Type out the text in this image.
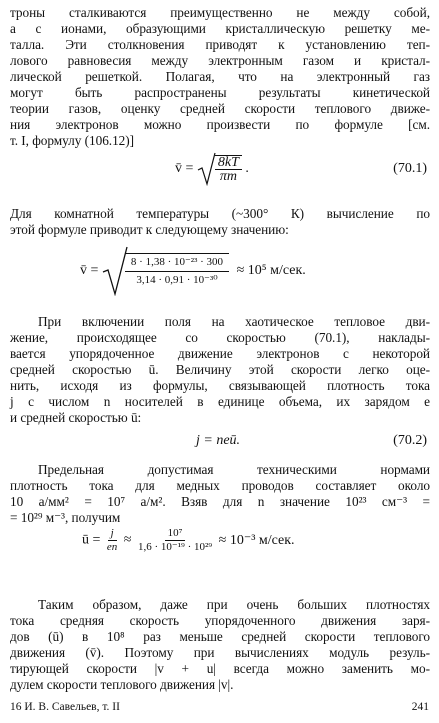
троны сталкиваются преимущественно не между собой,
а с ионами, образующими кристаллическую решетку ме-
талла. Эти столкновения приводят к установлению теп-
лового равновесия между электронным газом и кристал-
лической решеткой. Полагая, что на электронный газ
могут быть распространены результаты кинетической
теории газов, оценку средней скорости теплового движе-
ния электронов можно произвести по формуле [см.
т. I, формулу (106.12)]
v̄ = $\frac{8kT}{\pi m}$ .	(70.1)
Для комнатной температуры (~300° К) вычисление по
этой формуле приводит к следующему значению:
v̄ = $\frac{\text{8 · 1,38 · 10⁻²³ · 300}}{\text{3,14 · 0,91 · 10⁻³⁰}} \approx 10^5$ м/сек.
При включении поля на хаотическое тепловое дви-
жение, происходящее со скоростью (70.1), наклады-
вается упорядоченное движение электронов с некоторой
средней скоростью ū. Величину этой скорости легко оце-
нить, исходя из формулы, связывающей плотность тока
j с числом n носителей в единице объема, их зарядом e
и средней скоростью ū:
j = neū.	(70.2)
Предельная допустимая техническими нормами
плотность тока для медных проводов составляет около
10 а/мм² = 10⁷ а/м². Взяв для n значение 10²³ см⁻³ =
= 10²⁹ м⁻³, получим
ū = $\frac{j}{en} \approx \frac{\text{10⁷}}{\text{1,6 · 10⁻¹⁹ · 10²⁹}} \approx 10^{-3}$ м/сек.
Таким образом, даже при очень больших плотностях
тока средняя скорость упорядоченного движения заря-
дов (ū) в 10⁸ раз меньше средней скорости теплового
движения (v̄). Поэтому при вычислениях модуль резуль-
тирующей скорости |v + u| всегда можно заменить мо-
дулем скорости теплового движения |v|.
16 И. В. Савельев, т. II	241
